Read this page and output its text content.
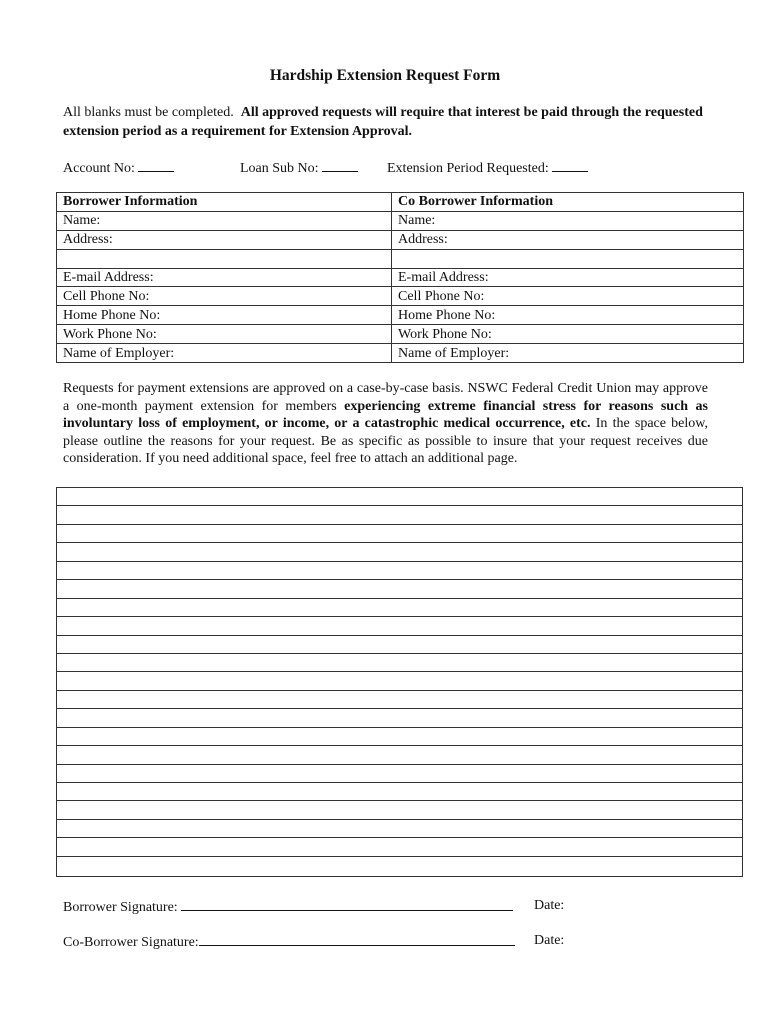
Hardship Extension Request Form
All blanks must be completed. All approved requests will require that interest be paid through the requested extension period as a requirement for Extension Approval.
Account No:	Loan Sub No:	Extension Period Requested:
Borrower Information	Co Borrower Information
Name:	Name:
Address:	Address:

E-mail Address:	E-mail Address:
Cell Phone No:	Cell Phone No:
Home Phone No:	Home Phone No:
Work Phone No:	Work Phone No:
Name of Employer:	Name of Employer:
Requests for payment extensions are approved on a case-by-case basis. NSWC Federal Credit Union may approve a one-month payment extension for members experiencing extreme financial stress for reasons such as involuntary loss of employment, or income, or a catastrophic medical occurrence, etc. In the space below, please outline the reasons for your request. Be as specific as possible to insure that your request receives due consideration. If you need additional space, feel free to attach an additional page.
Borrower Signature:	Date:
Co-Borrower Signature:	Date:
